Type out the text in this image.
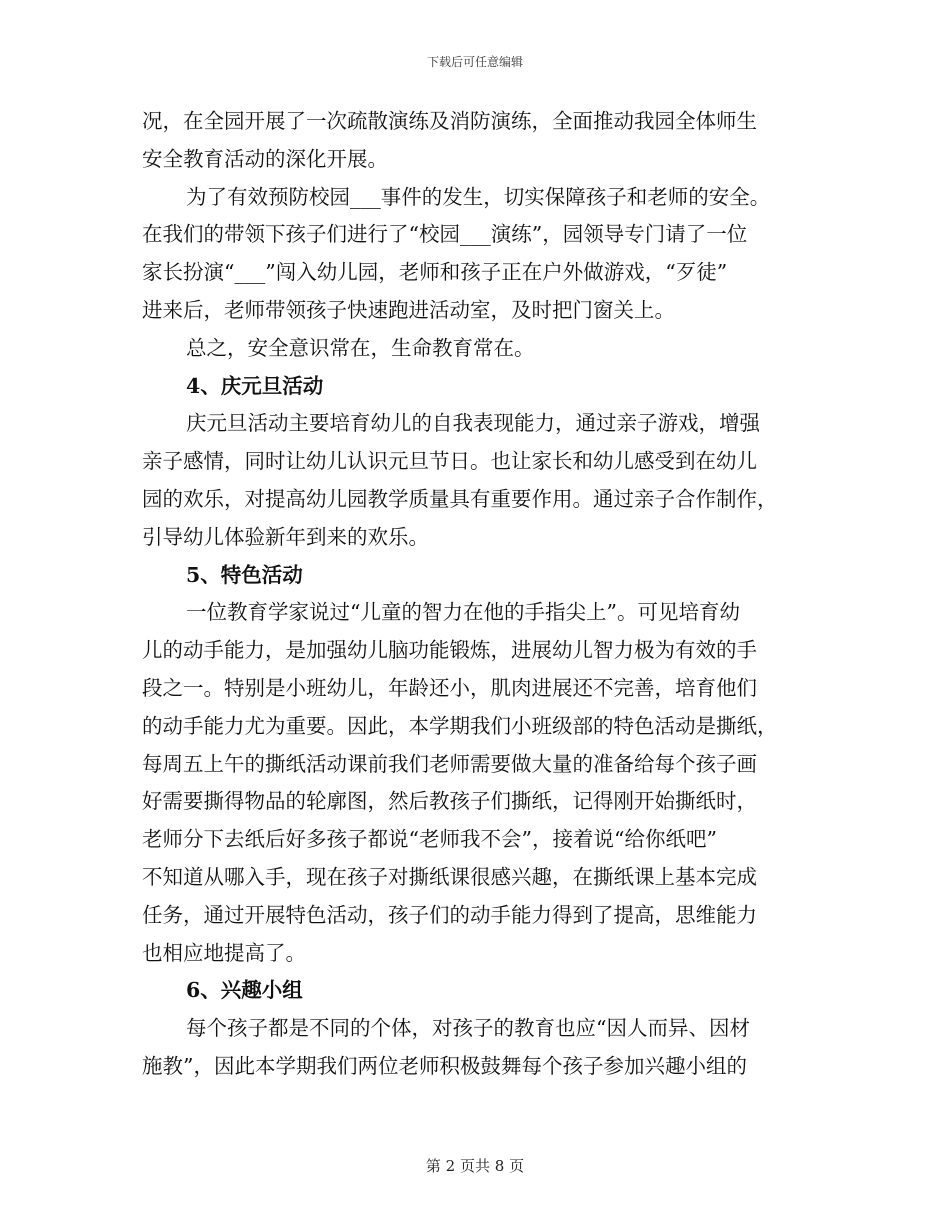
下载后可任意编辑
况，在全园开展了一次疏散演练及消防演练，全面推动我园全体师生
安全教育活动的深化开展。
为了有效预防校园___事件的发生，切实保障孩子和老师的安全。
在我们的带领下孩子们进行了“校园___演练”，园领导专门请了一位
家长扮演“___”闯入幼儿园，老师和孩子正在户外做游戏，“歹徒”
进来后，老师带领孩子快速跑进活动室，及时把门窗关上。
总之，安全意识常在，生命教育常在。
4、庆元旦活动
庆元旦活动主要培育幼儿的自我表现能力，通过亲子游戏，增强
亲子感情，同时让幼儿认识元旦节日。也让家长和幼儿感受到在幼儿
园的欢乐，对提高幼儿园教学质量具有重要作用。通过亲子合作制作，
引导幼儿体验新年到来的欢乐。
5、特色活动
一位教育学家说过“儿童的智力在他的手指尖上”。可见培育幼
儿的动手能力，是加强幼儿脑功能锻炼，进展幼儿智力极为有效的手
段之一。特别是小班幼儿，年龄还小，肌肉进展还不完善，培育他们
的动手能力尤为重要。因此，本学期我们小班级部的特色活动是撕纸，
每周五上午的撕纸活动课前我们老师需要做大量的准备给每个孩子画
好需要撕得物品的轮廓图，然后教孩子们撕纸，记得刚开始撕纸时，
老师分下去纸后好多孩子都说“老师我不会”，接着说“给你纸吧”
不知道从哪入手，现在孩子对撕纸课很感兴趣，在撕纸课上基本完成
任务，通过开展特色活动，孩子们的动手能力得到了提高，思维能力
也相应地提高了。
6、兴趣小组
每个孩子都是不同的个体，对孩子的教育也应“因人而异、因材
施教”，因此本学期我们两位老师积极鼓舞每个孩子参加兴趣小组的
第 2 页共 8 页
